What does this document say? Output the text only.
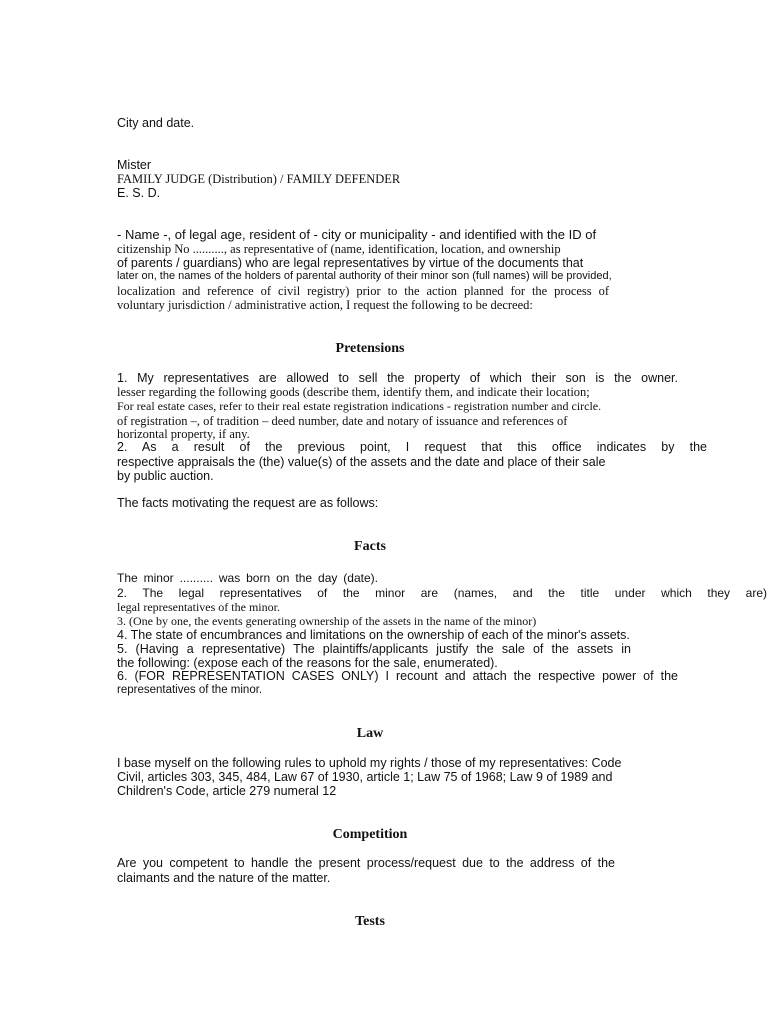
City and date.
Mister
FAMILY JUDGE (Distribution) / FAMILY DEFENDER
E. S. D.
- Name -, of legal age, resident of - city or municipality - and identified with the ID of
citizenship No .........., as representative of (name, identification, location, and ownership
of parents / guardians) who are legal representatives by virtue of the documents that
later on, the names of the holders of parental authority of their minor son (full names) will be provided,
localization and reference of civil registry) prior to the action planned for the process of
voluntary jurisdiction / administrative action, I request the following to be decreed:
Pretensions
1. My representatives are allowed to sell the property of which their son is the owner.
lesser regarding the following goods (describe them, identify them, and indicate their location;
For real estate cases, refer to their real estate registration indications - registration number and circle.
of registration –, of tradition – deed number, date and notary of issuance and references of
horizontal property, if any.
2. As a result of the previous point, I request that this office indicates by the
respective appraisals the (the) value(s) of the assets and the date and place of their sale
by public auction.
The facts motivating the request are as follows:
Facts
The minor .......... was born on the day (date).
2. The legal representatives of the minor are (names, and the title under which they are)
legal representatives of the minor.
3. (One by one, the events generating ownership of the assets in the name of the minor)
4. The state of encumbrances and limitations on the ownership of each of the minor's assets.
5. (Having a representative) The plaintiffs/applicants justify the sale of the assets in
the following: (expose each of the reasons for the sale, enumerated).
6. (FOR REPRESENTATION CASES ONLY) I recount and attach the respective power of the
representatives of the minor.
Law
I base myself on the following rules to uphold my rights / those of my representatives: Code
Civil, articles 303, 345, 484, Law 67 of 1930, article 1; Law 75 of 1968; Law 9 of 1989 and
Children's Code, article 279 numeral 12
Competition
Are you competent to handle the present process/request due to the address of the
claimants and the nature of the matter.
Tests
